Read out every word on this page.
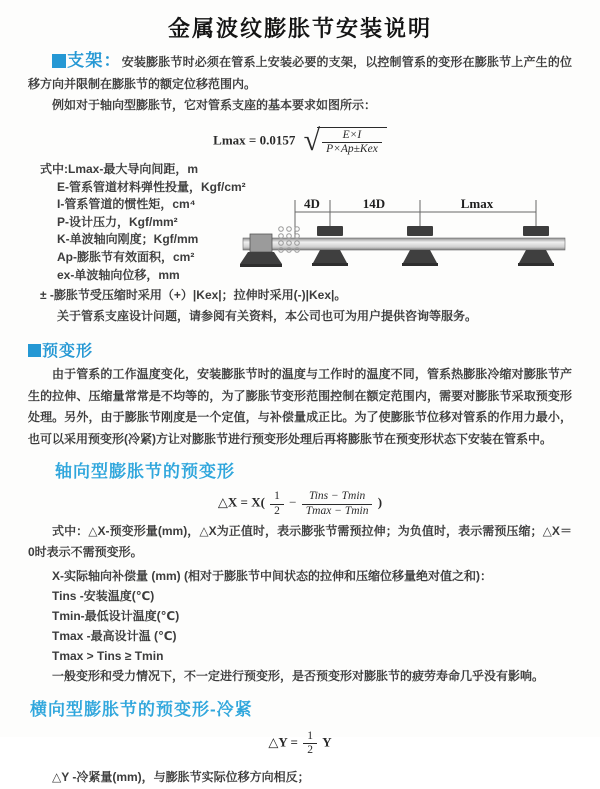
金属波纹膨胀节安装说明
支架：安装膨胀节时必须在管系上安装必要的支架，以控制管系的变形在膨胀节上产生的位移方向并限制在膨胀节的额定位移范围内。
例如对于轴向型膨胀节，它对管系支座的基本要求如图所示：
Lmax = 0.0157 √ $\frac{E\times I}{\text{P×Ap±Kex}}$
式中:Lmax-最大导向间距，m
E-管系管道材料弹性投量，Kgf/cm²
I-管系管道的惯性矩，cm⁴
P-设计压力，Kgf/mm²
K-单波轴向刚度；Kgf/mm
Ap-膨胀节有效面积，cm²
ex-单波轴向位移，mm
± -膨胀节受压缩时采用（+）|Kex|；拉伸时采用(-)|Kex|。
关于管系支座设计问题，请参阅有关资料，本公司也可为用户提供咨询等服务。
4D	14D	Lmax
预变形
由于管系的工作温度变化，安装膨胀节时的温度与工作时的温度不同，管系热膨胀冷缩对膨胀节产生的拉伸、压缩量常常是不均等的，为了膨胀节变形范围控制在额定范围内，需要对膨胀节采取预变形处理。另外，由于膨胀节刚度是一个定值，与补偿量成正比。为了使膨胀节位移对管系的作用力最小，也可以采用预变形(冷紧)方让对膨胀节进行预变形处理后再将膨胀节在预变形状态下安装在管系中。
轴向型膨胀节的预变形
△X = $X( \frac{1}{2} - \frac{\text{Tins − Tmin}}{Tmax - Tmin}$ )
式中：△X-预变形量(mm)，△X为正值时，表示膨张节需预拉伸；为负值时，表示需预压缩；△X＝0时表示不需预变形。
X-实际轴向补偿量 (mm) (相对于膨胀节中间状态的拉伸和压缩位移量绝对值之和)：
Tins -安装温度(℃)
Tmin-最低设计温度(℃)
Tmax -最高设计温 (℃)
Tmax > Tins ≥ Tmin
一般变形和受力情况下，不一定进行预变形，是否预变形对膨胀节的疲劳寿命几乎没有影响。
横向型膨胀节的预变形-冷紧
△Y = $\frac{1}{2}$ Y
△Y -冷紧量(mm)，与膨胀节实际位移方向相反；
